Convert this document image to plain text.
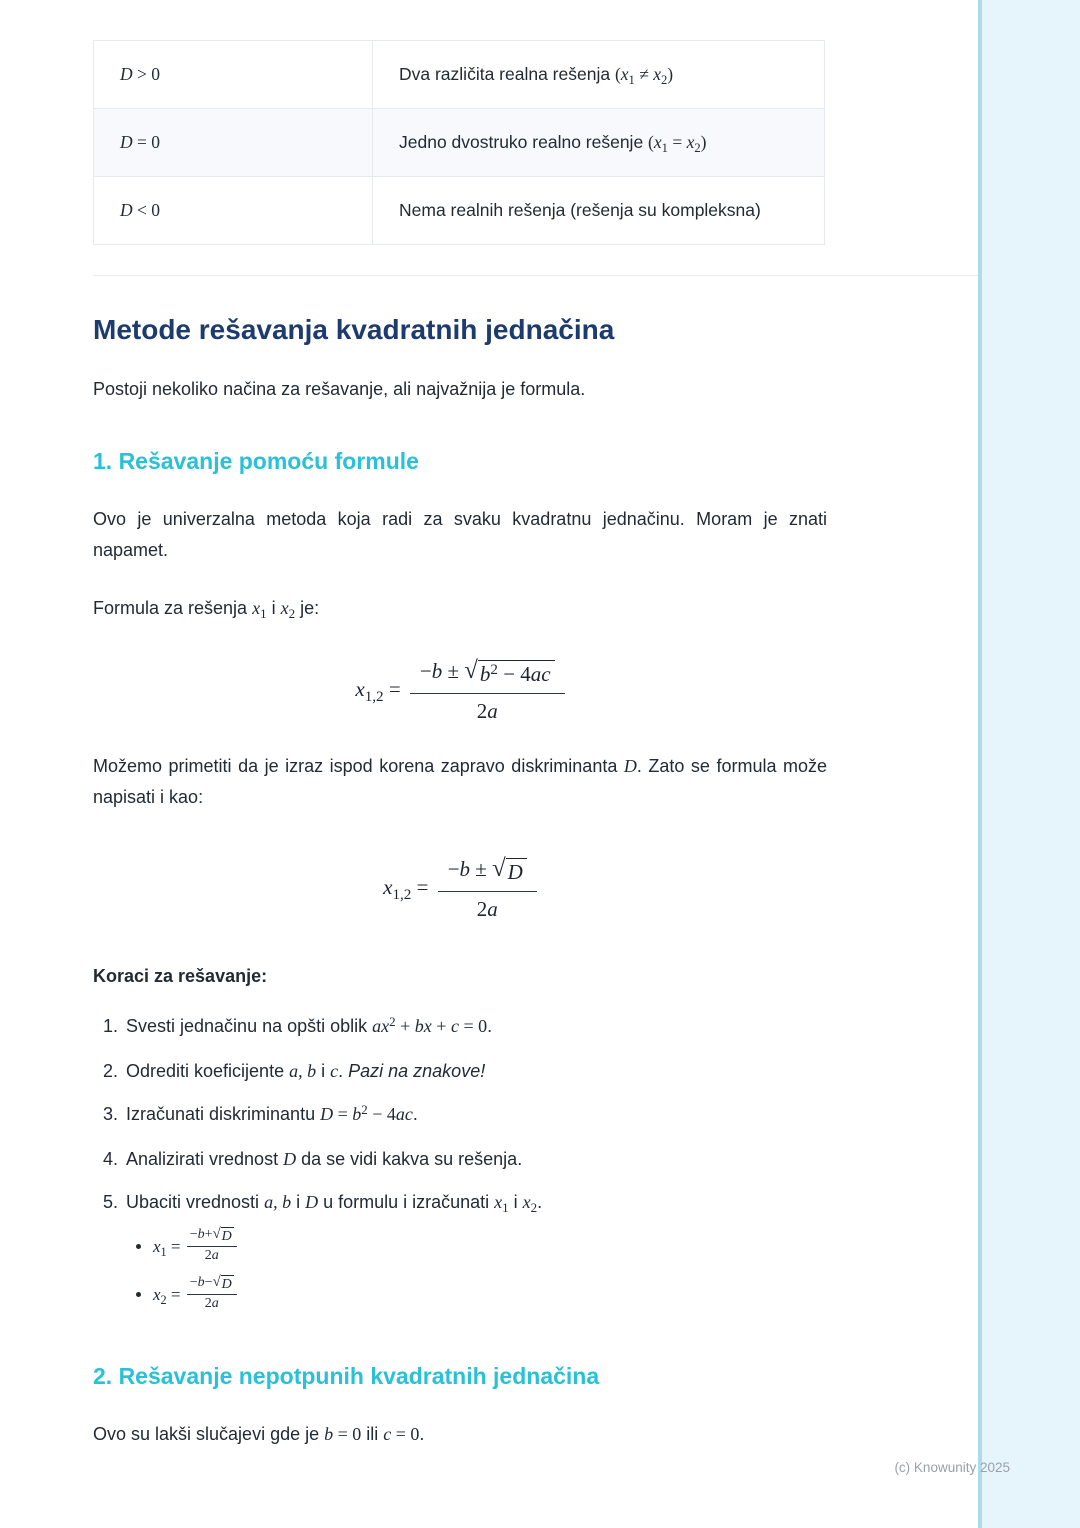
D > 0	Dva različita realna rešenja $(x_1 \ne x_2)$
D = 0	Jedno dvostruko realno rešenje $(x_1 = x_2)$
D < 0	Nema realnih rešenja (rešenja su kompleksna)
Metode rešavanja kvadratnih jednačina

Postoji nekoliko načina za rešavanje, ali najvažnija je formula.

1. Rešavanje pomoću formule

Ovo je univerzalna metoda koja radi za svaku kvadratnu jednačinu. Moram je znati napamet.

Formula za rešenja $x_1$ i $x_2$ je:

$x_{1,2} = \frac{-b \pm √ b^2 - 4ac}{2a}$

Možemo primetiti da je izraz ispod korena zapravo diskriminanta D. Zato se formula može napisati i kao:

$x_{1,2} = \frac{-b \pm √ D}{2a}$

Koraci za rešavanje:

1. Svesti jednačinu na opšti oblik $ax^2$ + bx + c = 0.
2. Odrediti koeficijente a, b i c. Pazi na znakove!
3. Izračunati diskriminantu $D = b^2 - 4ac$.
4. Analizirati vrednost D da se vidi kakva su rešenja.
5. Ubaciti vrednosti a, b i D u formulu i izračunati $x_1$ i $x_2$.
• $x_1 = \frac{-b+ √ D}{2a}$
• $x_2 = \frac{-b- √ D}{2a}$
2. Rešavanje nepotpunih kvadratnih jednačina

Ovo su lakši slučajevi gde je b = 0 ili c = 0.

(c) Knowunity 2025
